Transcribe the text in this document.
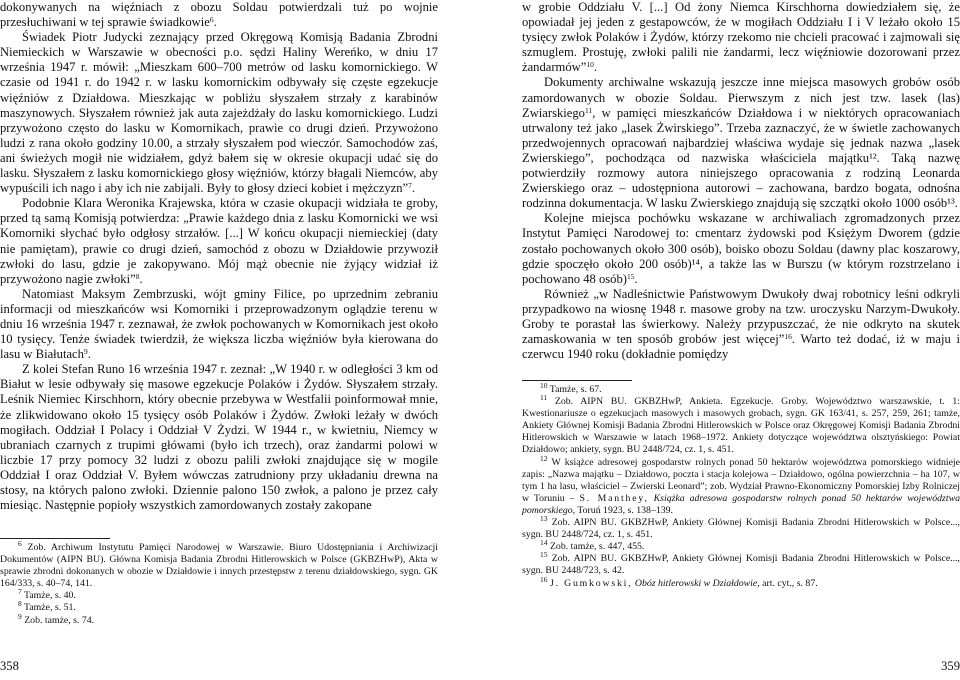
dokonywanych na więźniach z obozu Soldau potwierdzali tuż po wojnie przesłuchiwani w tej sprawie świadkowie$^6$.

Świadek Piotr Judycki zeznający przed Okręgową Komisją Badania Zbrodni Niemieckich w Warszawie w obecności p.o. sędzi Haliny Wereńko, w dniu 17 września 1947 r. mówił: „Mieszkam 600–700 metrów od lasku komornickiego. W czasie od 1941 r. do 1942 r. w lasku komornickim odbywały się częste egzekucje więźniów z Działdowa. Mieszkając w pobliżu słyszałem strzały z karabinów maszynowych. Słyszałem również jak auta zajeżdżały do lasku komornickiego. Ludzi przywożono często do lasku w Komornikach, prawie co drugi dzień. Przywożono ludzi z rana około godziny 10.00, a strzały słyszałem pod wieczór. Samochodów zaś, ani świeżych mogił nie widziałem, gdyż bałem się w okresie okupacji udać się do lasku. Słyszałem z lasku komornickiego głosy więźniów, którzy błagali Niemców, aby wypuścili ich nago i aby ich nie zabijali. Były to głosy dzieci kobiet i mężczyzn”$^7$.

Podobnie Klara Weronika Krajewska, która w czasie okupacji widziała te groby, przed tą samą Komisją potwierdza: „Prawie każdego dnia z lasku Komornicki we wsi Komorniki słychać było odgłosy strzałów. [...] W końcu okupacji niemieckiej (daty nie pamiętam), prawie co drugi dzień, samochód z obozu w Działdowie przywoził zwłoki do lasu, gdzie je zakopywano. Mój mąż obecnie nie żyjący widział iż przywożono nagie zwłoki”$^8$.

Natomiast Maksym Zembrzuski, wójt gminy Filice, po uprzednim zebraniu informacji od mieszkańców wsi Komorniki i przeprowadzonym oglądzie terenu w dniu 16 września 1947 r. zeznawał, że zwłok pochowanych w Komornikach jest około 10 tysięcy. Tenże świadek twierdził, że większa liczba więźniów była kierowana do lasu w Białutach$^9$.

Z kolei Stefan Runo 16 września 1947 r. zeznał: „W 1940 r. w odległości 3 km od Białut w lesie odbywały się masowe egzekucje Polaków i Żydów. Słyszałem strzały. Leśnik Niemiec Kirschhorn, który obecnie przebywa w Westfalii poinformował mnie, że zlikwidowano około 15 tysięcy osób Polaków i Żydów. Zwłoki leżały w dwóch mogiłach. Oddział I Polacy i Oddział V Żydzi. W 1944 r., w kwietniu, Niemcy w ubraniach czarnych z trupimi główami (było ich trzech), oraz żandarmi polowi w liczbie 17 przy pomocy 32 ludzi z obozu palili zwłoki znajdujące się w mogile Oddział I oraz Oddział V. Byłem wówczas zatrudniony przy układaniu drewna na stosy, na których palono zwłoki. Dziennie palono 150 zwłok, a palono je przez cały miesiąc. Następnie popioły wszystkich zamordowanych zostały zakopane

$^6$ Zob. Archiwum Instytutu Pamięci Narodowej w Warszawie. Biuro Udostępniania i Archiwizacji Dokumentów (AIPN BU). Główna Komisja Badania Zbrodni Hitlerowskich w Polsce (GKBZHwP), Akta w sprawie zbrodni dokonanych w obozie w Działdowie i innych przestępstw z terenu działdowskiego, sygn. GK 164/333, s. 40–74, 141.

$^7$ Tamże, s. 40.

$^8$ Tamże, s. 51.

$^9$ Zob. tamże, s. 74.

358

w grobie Oddziału V. [...] Od żony Niemca Kirschhorna dowiedziałem się, że opowiadał jej jeden z gestapowców, że w mogiłach Oddziału I i V leżało około 15 tysięcy zwłok Polaków i Żydów, którzy rzekomo nie chcieli pracować i zajmowali się szmuglem. Prostuję, zwłoki palili nie żandarmi, lecz więźniowie dozorowani przez żandarmów”$^{10}$.

Dokumenty archiwalne wskazują jeszcze inne miejsca masowych grobów osób zamordowanych w obozie Soldau. Pierwszym z nich jest tzw. lasek (las) Zwiarskiego$^{11}$, w pamięci mieszkańców Działdowa i w niektórych opracowaniach utrwalony też jako „lasek Żwirskiego”. Trzeba zaznaczyć, że w świetle zachowanych przedwojennych opracowań najbardziej właściwa wydaje się jednak nazwa „lasek Zwierskiego”, pochodząca od nazwiska właściciela majątku¹². Taką nazwę potwierdziły rozmowy autora niniejszego opracowania z rodziną Leonarda Zwierskiego oraz – udostępniona autorowi – zachowana, bardzo bogata, odnośna rodzinna dokumentacja. W lasku Zwierskiego znajdują się szczątki około 1000 osób¹³.

Kolejne miejsca pochówku wskazane w archiwaliach zgromadzonych przez Instytut Pamięci Narodowej to: cmentarz żydowski pod Księżym Dworem (gdzie zostało pochowanych około 300 osób), boisko obozu Soldau (dawny plac koszarowy, gdzie spoczęło około 200 osób)¹⁴, a także las w Burszu (w którym rozstrzelano i pochowano 48 osób)$^{15}$.

Również „w Nadleśnictwie Państwowym Dwukoły dwaj robotnicy leśni odkryli przypadkowo na wiosnę 1948 r. masowe groby na tzw. uroczysku Narzym-Dwukoły. Groby te porastał las świerkowy. Należy przypuszczać, że nie odkryto na skutek zamaskowania w ten sposób grobów jest więcej”$^{16}$. Warto też dodać, iż w maju i czerwcu 1940 roku (dokładnie pomiędzy

$^{10}$ Tamże, s. 67.

$^{11}$ Zob. AIPN BU. GKBZHwP, Ankieta. Egzekucje. Groby. Województwo warszawskie, t. 1: Kwestionariusze o egzekucjach masowych i masowych grobach, sygn. GK 163/41, s. 257, 259, 261; tamże, Ankiety Głównej Komisji Badania Zbrodni Hitlerowskich w Polsce oraz Okręgowej Komisji Badania Zbrodni Hitlerowskich w Warszawie w latach 1968–1972. Ankiety dotyczące województwa olsztyńskiego: Powiat Działdowo; ankiety, sygn. BU 2448/724, cz. 1, s. 451.

$^{12}$ W książce adresowej gospodarstw rolnych ponad 50 hektarów województwa pomorskiego widnieje zapis: „Nazwa majątku – Działdowo, poczta i stacja kolejowa – Działdowo, ogólna powierzchnia – ha 107, w tym 1 ha lasu, właściciel – Zwierski Leonard”; zob. Wydział Prawno-Ekonomiczny Pomorskiej Izby Rolniczej w Toruniu – S. Manthey, Książka adresowa gospodarstw rolnych ponad 50 hektarów województwa pomorskiego, Toruń 1923, s. 138–139.

$^{13}$ Zob. AIPN BU. GKBZHwP, Ankiety Głównej Komisji Badania Zbrodni Hitlerowskich w Polsce..., sygn. BU 2448/724, cz. 1, s. 451.

$^{14}$ Zob. tamże, s. 447, 455.

$^{15}$ Zob. AIPN BU. GKBZHwP, Ankiety Głównej Komisji Badania Zbrodni Hitlerowskich w Polsce..., sygn. BU 2448/723, s. 42.

$^{16}$ J. Gumkowski, Obóz hitlerowski w Działdowie, art. cyt., s. 87.

359
